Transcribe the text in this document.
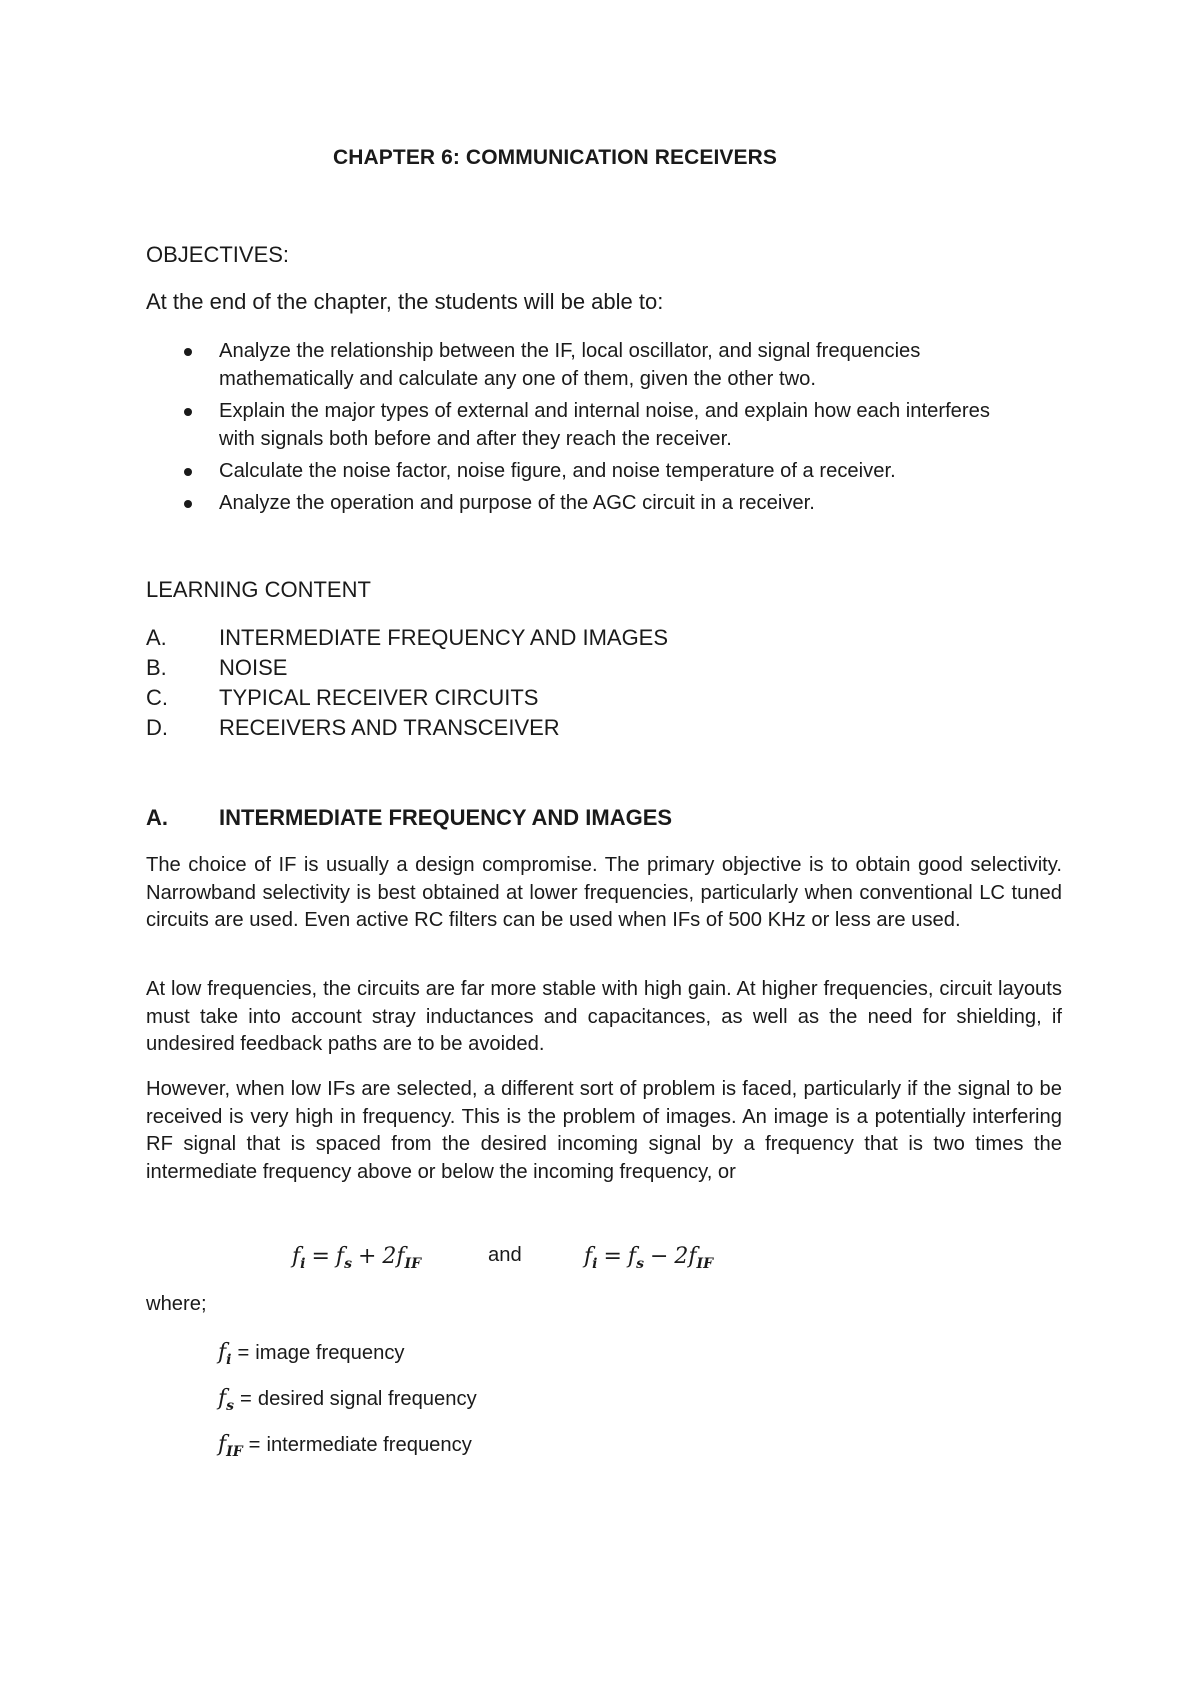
CHAPTER 6: COMMUNICATION RECEIVERS
OBJECTIVES:
At the end of the chapter, the students will be able to:
Analyze the relationship between the IF, local oscillator, and signal frequencies mathematically and calculate any one of them, given the other two.
Explain the major types of external and internal noise, and explain how each interferes with signals both before and after they reach the receiver.
Calculate the noise factor, noise figure, and noise temperature of a receiver.
Analyze the operation and purpose of the AGC circuit in a receiver.
LEARNING CONTENT
A. INTERMEDIATE FREQUENCY AND IMAGES
B. NOISE
C. TYPICAL RECEIVER CIRCUITS
D. RECEIVERS AND TRANSCEIVER
A. INTERMEDIATE FREQUENCY AND IMAGES

The choice of IF is usually a design compromise. The primary objective is to obtain good selectivity. Narrowband selectivity is best obtained at lower frequencies, particularly when conventional LC tuned circuits are used. Even active RC filters can be used when IFs of 500 KHz or less are used.

At low frequencies, the circuits are far more stable with high gain. At higher frequencies, circuit layouts must take into account stray inductances and capacitances, as well as the need for shielding, if undesired feedback paths are to be avoided.

However, when low IFs are selected, a different sort of problem is faced, particularly if the signal to be received is very high in frequency. This is the problem of images. An image is a potentially interfering RF signal that is spaced from the desired incoming signal by a frequency that is two times the intermediate frequency above or below the incoming frequency, or

$f_i = f_s + 2f_{IF}$	and	$f_i = f_s - 2f_{IF}$
where;
$f_i$ = image frequency
$f_s$ = desired signal frequency
$f_{IF}$ = intermediate frequency
